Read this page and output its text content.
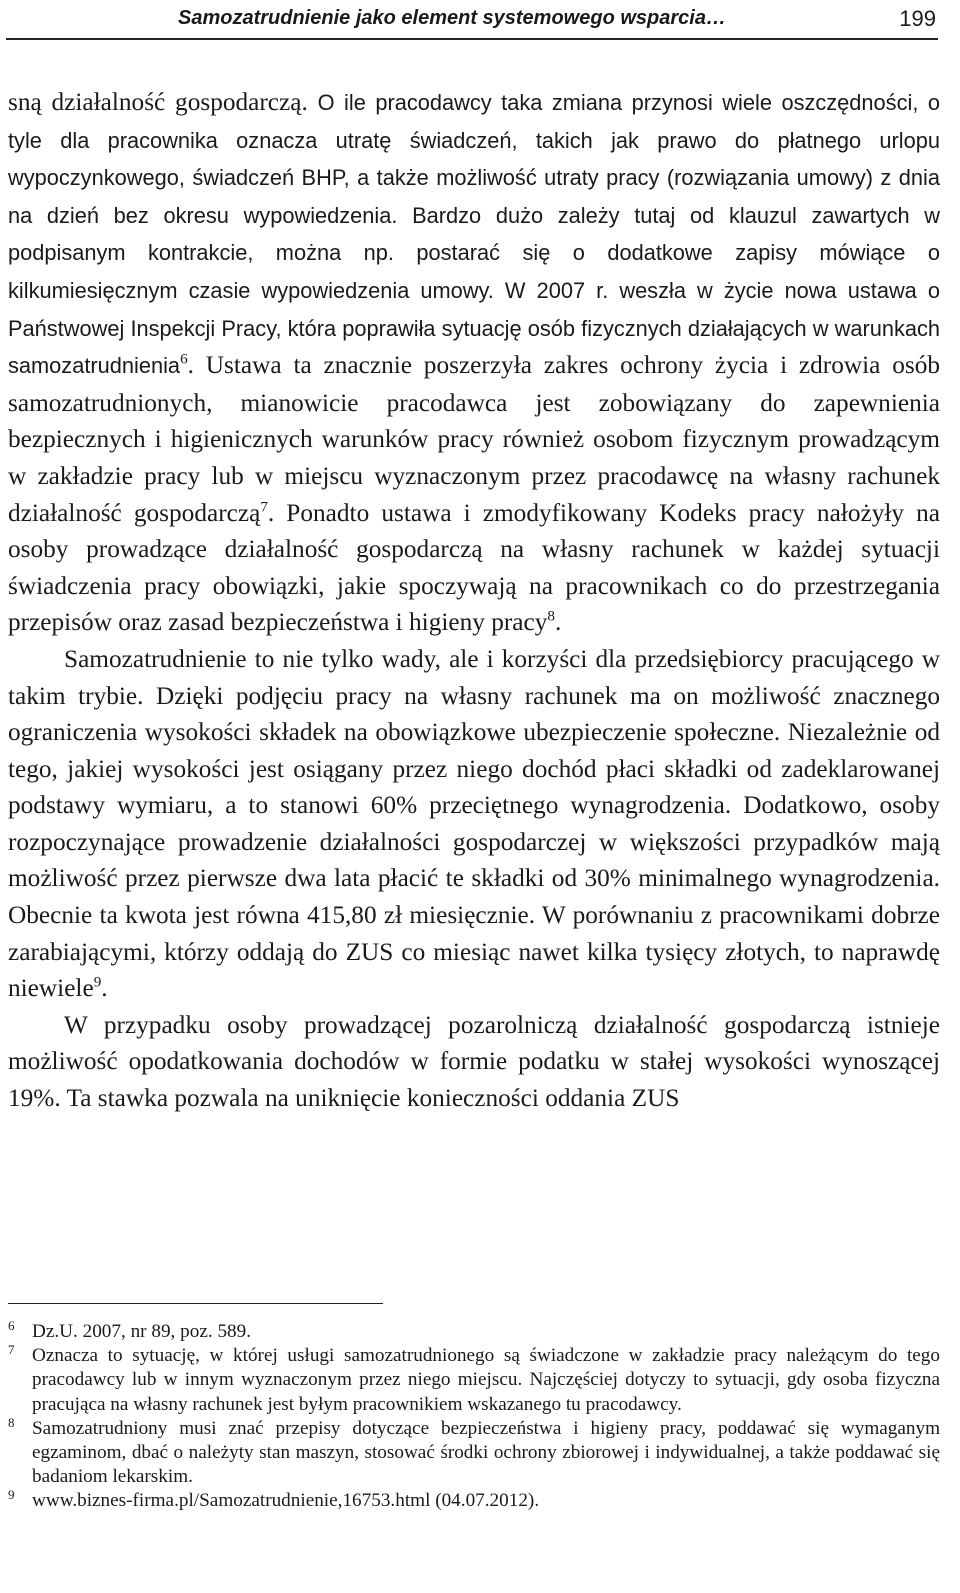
Samozatrudnienie jako element systemowego wsparcia…	199

sną działalność gospodarczą. O ile pracodawcy taka zmiana przynosi wiele oszczędności, o tyle dla pracownika oznacza utratę świadczeń, takich jak prawo do płatnego urlopu wypoczynkowego, świadczeń BHP, a także możliwość utraty pracy (rozwiązania umowy) z dnia na dzień bez okresu wypowiedzenia. Bardzo dużo zależy tutaj od klauzul zawartych w podpisanym kontrakcie, można np. postarać się o dodatkowe zapisy mówiące o kilkumiesięcznym czasie wypowiedzenia umowy. W 2007 r. weszła w życie nowa ustawa o Państwowej Inspekcji Pracy, która poprawiła sytuację osób fizycznych działających w warunkach samozatrudnienia$^6$. Ustawa ta znacznie poszerzyła zakres ochrony życia i zdrowia osób samozatrudnionych, mianowicie pracodawca jest zobowiązany do zapewnienia bezpiecznych i higienicznych warunków pracy również osobom fizycznym prowadzącym w zakładzie pracy lub w miejscu wyznaczonym przez pracodawcę na własny rachunek działalność gospodarczą$^7$. Ponadto ustawa i zmodyfikowany Kodeks pracy nałożyły na osoby prowadzące działalność gospodarczą na własny rachunek w każdej sytuacji świadczenia pracy obowiązki, jakie spoczywają na pracownikach co do przestrzegania przepisów oraz zasad bezpieczeństwa i higieny pracy$^8$.

Samozatrudnienie to nie tylko wady, ale i korzyści dla przedsiębiorcy pracującego w takim trybie. Dzięki podjęciu pracy na własny rachunek ma on możliwość znacznego ograniczenia wysokości składek na obowiązkowe ubezpieczenie społeczne. Niezależnie od tego, jakiej wysokości jest osiągany przez niego dochód płaci składki od zadeklarowanej podstawy wymiaru, a to stanowi 60% przeciętnego wynagrodzenia. Dodatkowo, osoby rozpoczynające prowadzenie działalności gospodarczej w większości przypadków mają możliwość przez pierwsze dwa lata płacić te składki od 30% minimalnego wynagrodzenia. Obecnie ta kwota jest równa 415,80 zł miesięcznie. W porównaniu z pracownikami dobrze zarabiającymi, którzy oddają do ZUS co miesiąc nawet kilka tysięcy złotych, to naprawdę niewiele$^9$.

W przypadku osoby prowadzącej pozarolniczą działalność gospodarczą istnieje możliwość opodatkowania dochodów w formie podatku w stałej wysokości wynoszącej 19%. Ta stawka pozwala na uniknięcie konieczności oddania ZUS

6 Dz.U. 2007, nr 89, poz. 589.

7 Oznacza to sytuację, w której usługi samozatrudnionego są świadczone w zakładzie pracy należącym do tego pracodawcy lub w innym wyznaczonym przez niego miejscu. Najczęściej dotyczy to sytuacji, gdy osoba fizyczna pracująca na własny rachunek jest byłym pracownikiem wskazanego tu pracodawcy.

8 Samozatrudniony musi znać przepisy dotyczące bezpieczeństwa i higieny pracy, poddawać się wymaganym egzaminom, dbać o należyty stan maszyn, stosować środki ochrony zbiorowej i indywidualnej, a także poddawać się badaniom lekarskim.

9 www.biznes-firma.pl/Samozatrudnienie,16753.html (04.07.2012).
